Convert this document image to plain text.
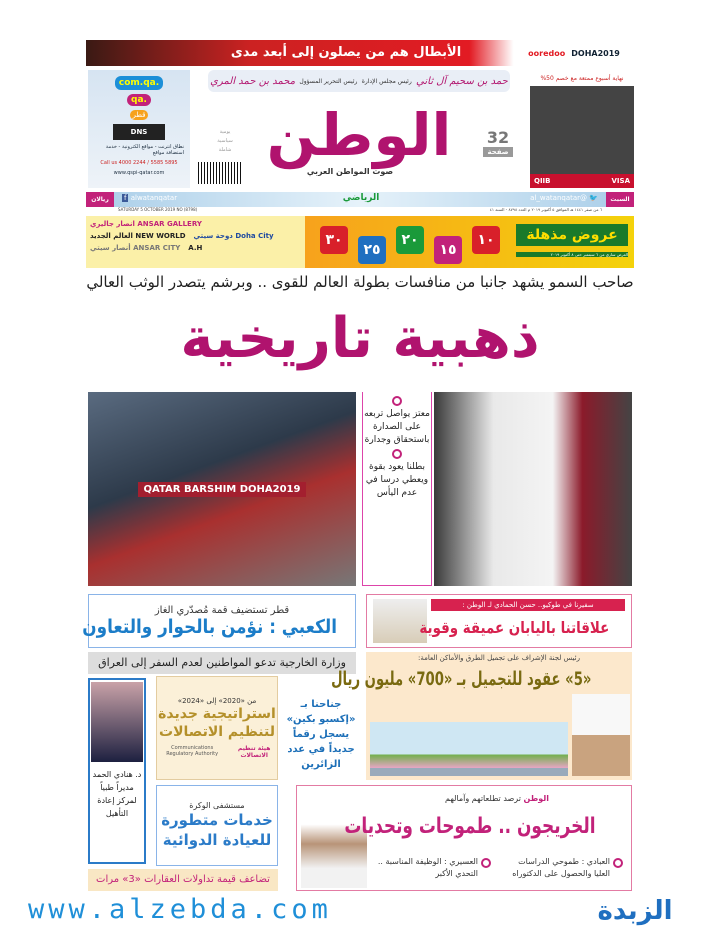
ooredoo DOHA2019
الأبطال هم من يصلون إلى أبعد مدى
.com.qa
.qa
قطر
DNS
نطاق انترنت - مواقع الكترونية - خدمة استضافة مواقع
Call us 4000 2244 / 5585 5895
www.qspi-qatar.com
نهاية أسبوع ممتعة مع خصم 50%
VISA
QIIB
حمد بن سحيم آل ثاني
رئيس مجلس الإدارة
رئيس التحرير المسؤول
محمد بن حمد المري
الوطن
صوت المواطن العربي
32
صفحة
يومية
سياسية
شاملة
السبت
🐦 @al_watanqatar
الرياضي
f alwatanqatar
ريالان
٦ من صفر ١٤٤١ هـ الموافق ٥ أكتوبر ٢٠١٩ م العدد ٨٧٩٨ - السنة ٤١
SATURDAY 5 OCTOBER 2019 NO (8798)
عروض مذهلة
العرض ساري من ٦ سبتمبر حتى ٨ أكتوبر ٢٠١٩
١٠
١٥
٢٠
٢٥
٣٠
انصار جاليري ANSAR GALLERY
العالم الجديد NEW WORLD دوحة سيتي Doha City
أنصار سيتي ANSAR CITY A.H
صاحب السمو يشهد جانبا من منافسات بطولة العالم للقوى .. وبرشم يتصدر الوثب العالي
ذهبية تاريخية
QATAR BARSHIM DOHA2019
معتز يواصل تربعه على الصدارة باستحقاق وجدارة
بطلنا يعود بقوة ويعطي درسا في عدم اليأس
قطر تستضيف قمة مُصدّري الغاز
الكعبي : نؤمن بالحوار والتعاون
سفيرنا في طوكيو.. حسن الحمادي لـ الوطن :
علاقاتنا باليابان عميقة وقوية
وزارة الخارجية تدعو المواطنين لعدم السفر إلى العراق	رئيس لجنة الإشراف على تجميل الطرق والأماكن العامة:
«5» عقود للتجميل بـ «700» مليون ريال
د. هنادي الحمد مديراً طبياً لمركز إعادة التأهيل
من «2020» إلى «2024»
استراتيجية جديدة لتنظيم الاتصالات
Communications Regulatory Authority
هيئة تنظيم الاتصالات
جناحنا بـ «إكسبو بكين» يسجل رقماً جديداً في عدد الزائرين
مستشفى الوكرة
خدمات متطورة للعيادة الدوائية
تضاعف قيمة تداولات العقارات «3» مرات
الوطن ترصد تطلعاتهم وآمالهم
الخريجون .. طموحات وتحديات
العبادي : طموحي الدراسات العليا والحصول على الدكتوراه
العسيري : الوظيفة المناسبة .. التحدي الأكبر
www.alzebda.com	الزبدة
